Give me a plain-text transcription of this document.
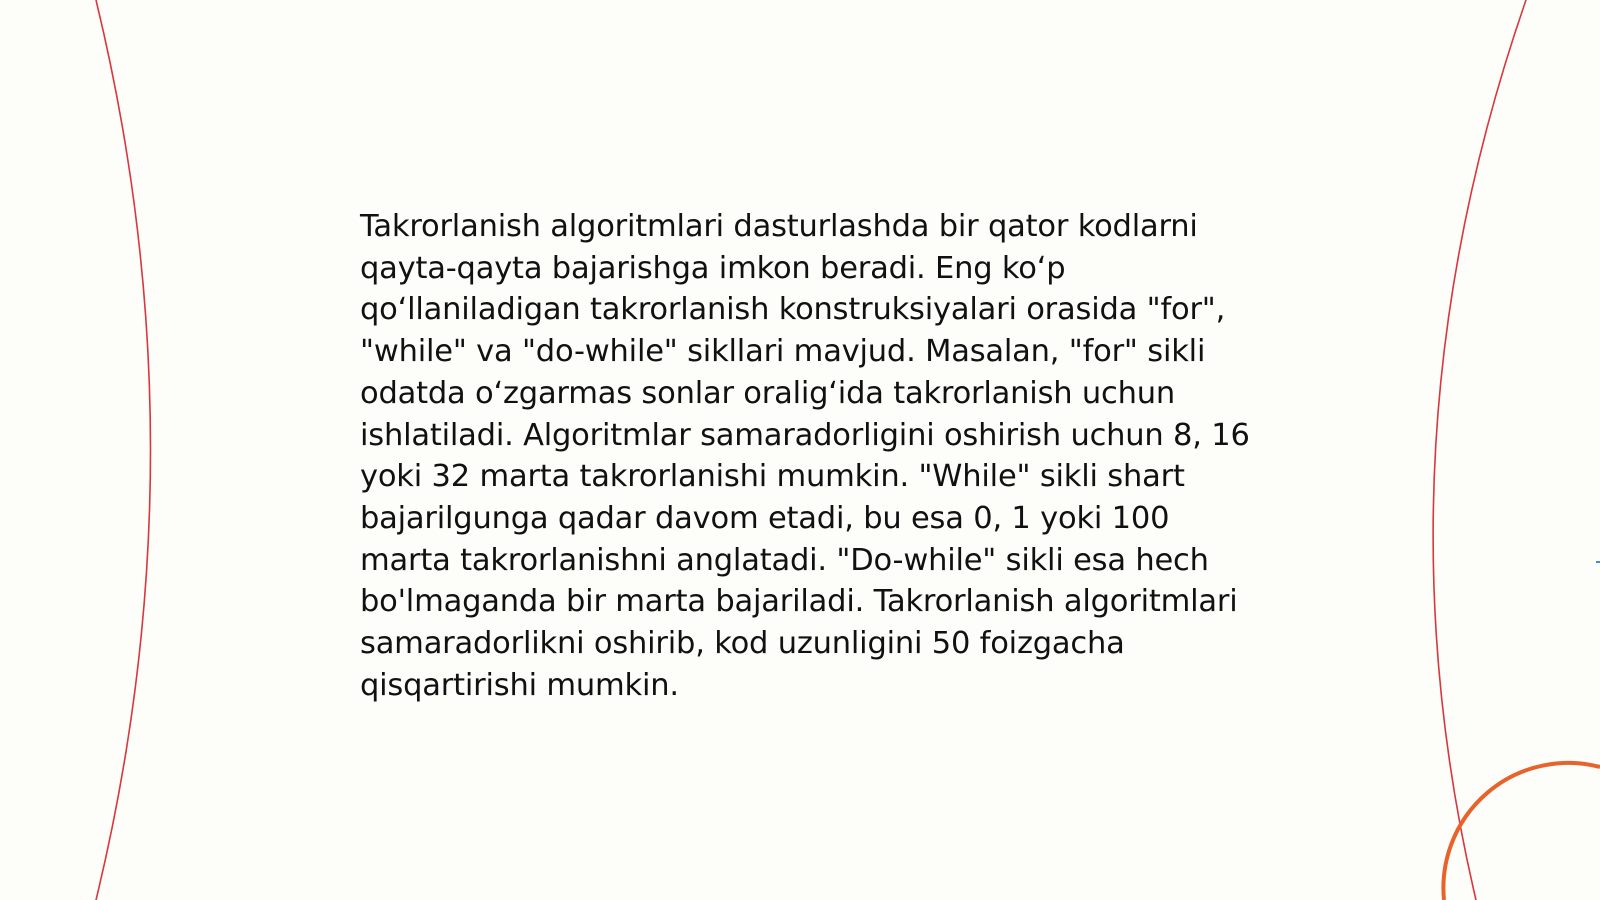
Takrorlanish algoritmlari dasturlashda bir qator kodlarni qayta-qayta bajarishga imkon beradi. Eng ko‘p qo‘llaniladigan takrorlanish konstruksiyalari orasida "for", "while" va "do-while" sikllari mavjud. Masalan, "for" sikli odatda o‘zgarmas sonlar oralig‘ida takrorlanish uchun ishlatiladi. Algoritmlar samaradorligini oshirish uchun 8, 16 yoki 32 marta takrorlanishi mumkin. "While" sikli shart bajarilgunga qadar davom etadi, bu esa 0, 1 yoki 100 marta takrorlanishni anglatadi. "Do-while" sikli esa hech bo'lmaganda bir marta bajariladi. Takrorlanish algoritmlari samaradorlikni oshirib, kod uzunligini 50 foizgacha qisqartirishi mumkin.
